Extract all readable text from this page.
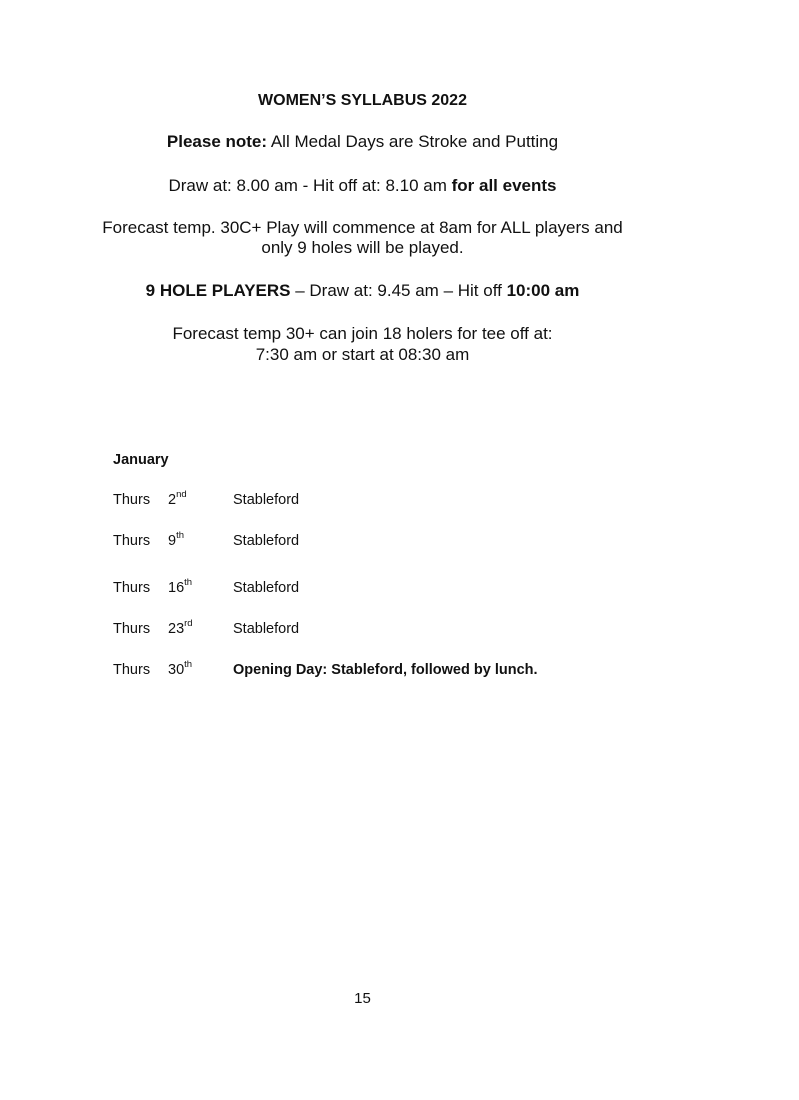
WOMEN’S SYLLABUS 2022
Please note: All Medal Days are Stroke and Putting
Draw at: 8.00 am - Hit off at: 8.10 am for all events
Forecast temp. 30C+ Play will commence at 8am for ALL players and
only 9 holes will be played.
9 HOLE PLAYERS – Draw at: 9.45 am – Hit off 10:00 am
Forecast temp 30+ can join 18 holers for tee off at:
7:30 am or start at 08:30 am
January
Thurs 2nd	Stableford
Thurs 9th	Stableford
Thurs 16th	Stableford
Thurs 23rd	Stableford
Thurs 30th	Opening Day: Stableford, followed by lunch.
15
